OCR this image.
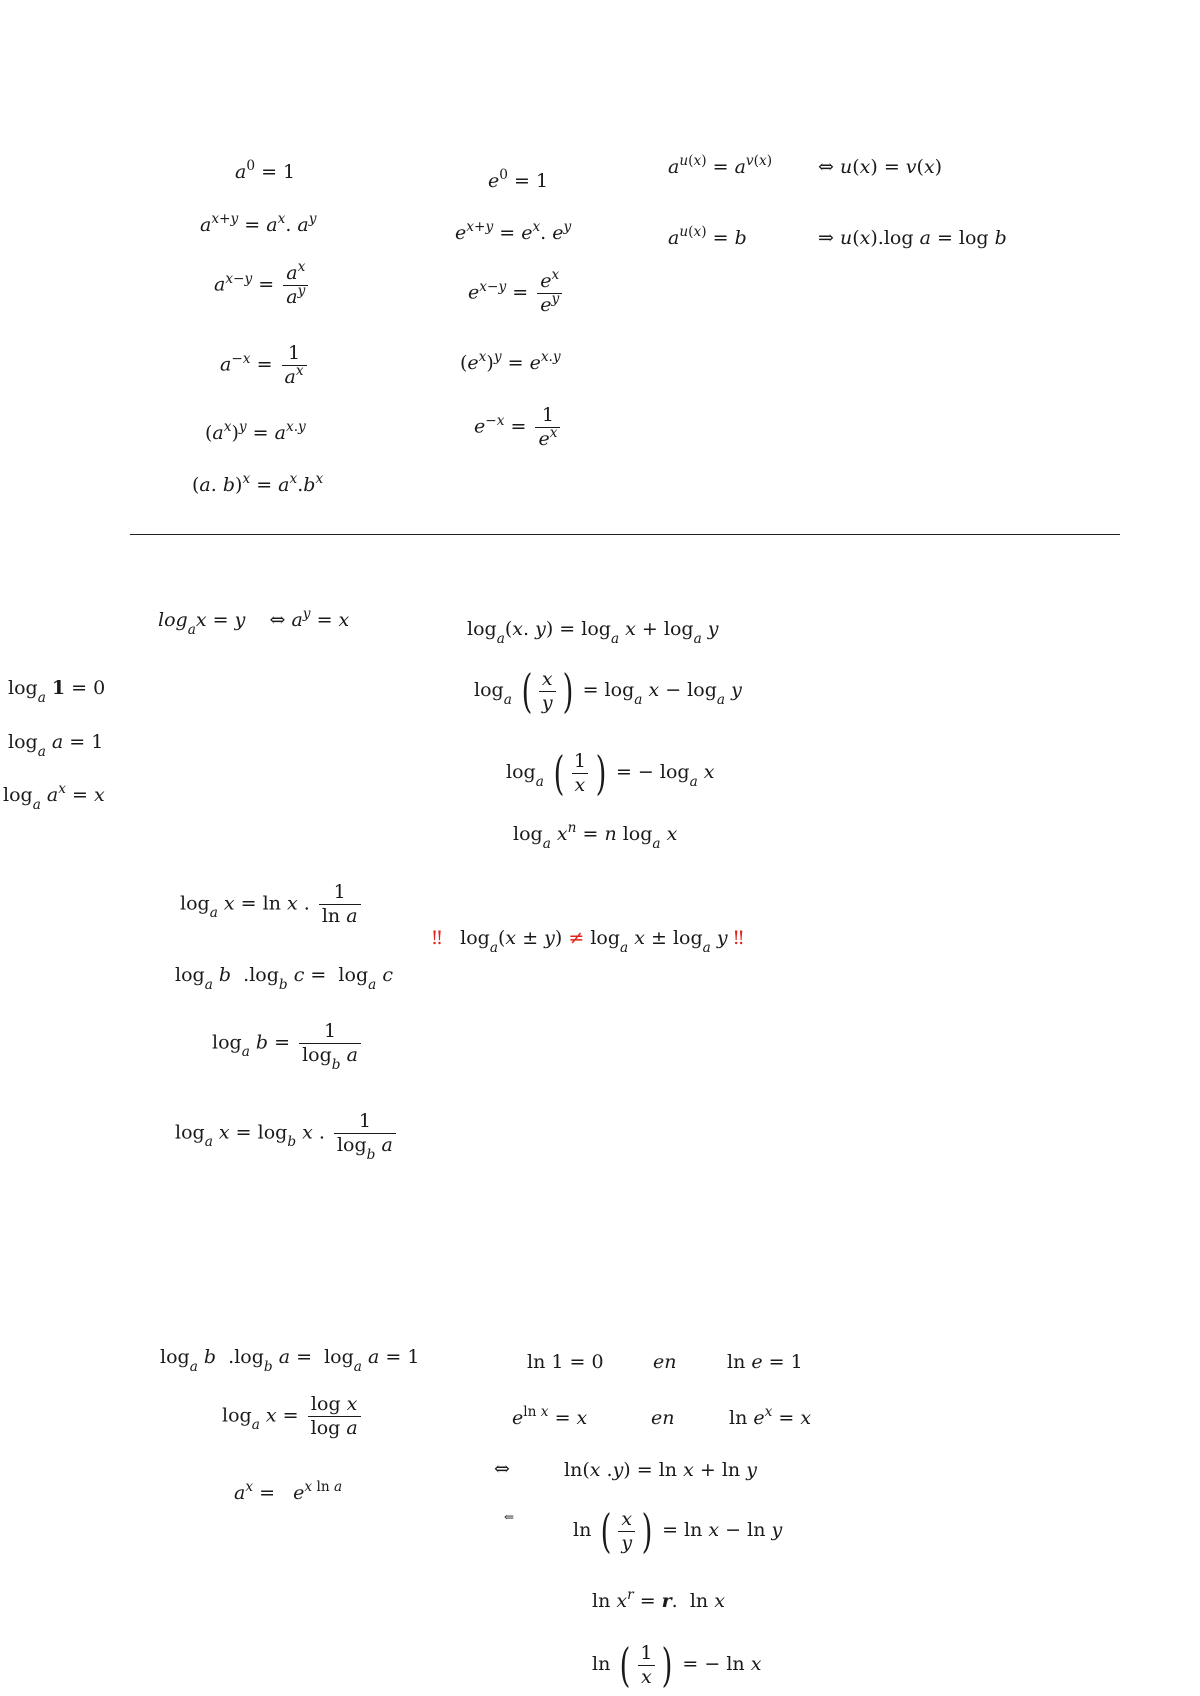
$a^0 = 1$
$a^{x+y} = a^x$. $a^y$
$a^{x-y} = \frac{a^x}{a^y}$
$a^{-x} = \frac{1}{a^x}$
$(a^x)^y = a^{x.y}$
(a. $b)^x = a^x.b^x$
$e^0 = 1$
$e^{x+y} = e^x$. $e^y$
$e^{x-y} = \frac{e^x}{e^y}$
$(e^x)^y = e^{x.y}$
$e^{-x} = \frac{1}{e^x}$
$a^{u(x)} = a^{v(x)}$ ⇔ u(x) = v(x)
$a^{u(x)} = b$	⇒ u(x).log a = log b
$\log_ax = y$ ⇔ $a^y = x$
$\log_a 1 = 0$
$\log_a a = 1$
$\log_a a^x = x$
$\log_a(x$. $y) = \log_a x + \log_a y$
$\log_a$ ( x
y ) = $\log_a x - \log_a y$
$\log_a$ ( 1
x ) = − $\log_a x$
$\log_a x^n = n$ $\log_a x$
$\log_a x = \ln x$ . $\frac{1}{\text{ln a}}$
‼ $\log_a(x \pm y) \ne \log_a x \pm \log_a y$ ‼
$\log_a b$ $.\log_b$ $c = \log_a c$
$\log_a b = \frac{1}{\log_b a}$
$\log_a x = \log_b x$ . $\frac{1}{\log_b a}$
$\log_a b$ $.\log_b$ $a = \log_a a = 1$
$\log_a x = \frac{\text{log x}}{\text{log a}}$
$a^x = e^{x ln a}$
ln 1 = 0	en	ln e = 1
$e^{ln x} = x$	en	$\ln e^x = x$
⇔	ln(x .y) = ln x + ln y
⇐
ln ( x
y ) = ln x − ln y
$\ln x^r = r$. ln x
ln ( 1
x ) = − ln x
